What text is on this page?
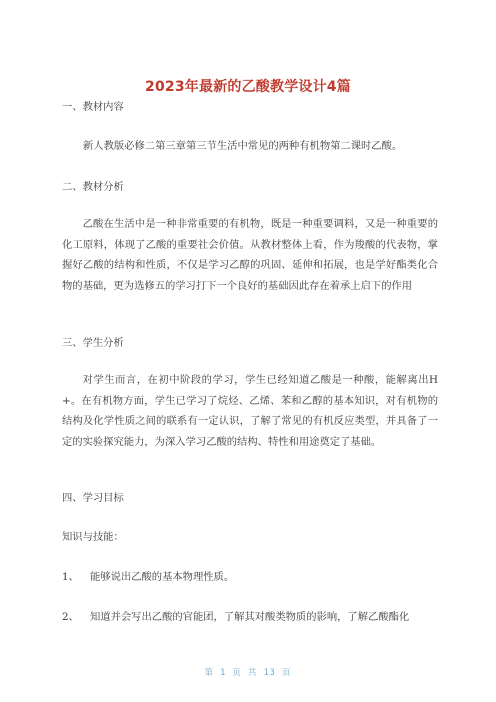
2023年最新的乙酸教学设计4篇
一、教材内容
新人教版必修二第三章第三节生活中常见的两种有机物第二课时乙酸。
二、教材分析
乙酸在生活中是一种非常重要的有机物，既是一种重要调料，又是一种重要的化工原料，体现了乙酸的重要社会价值。从教材整体上看，作为羧酸的代表物，掌握好乙酸的结构和性质，不仅是学习乙醇的巩固、延伸和拓展，也是学好酯类化合物的基础，更为选修五的学习打下一个良好的基础因此存在着承上启下的作用
三、学生分析
对学生而言，在初中阶段的学习，学生已经知道乙酸是一种酸，能解离出H+。在有机物方面，学生已学习了烷烃、乙烯、苯和乙醇的基本知识，对有机物的结构及化学性质之间的联系有一定认识，了解了常见的有机反应类型，并具备了一定的实验探究能力，为深入学习乙酸的结构、特性和用途奠定了基础。
四、学习目标
知识与技能：
1、 能够说出乙酸的基本物理性质。
2、 知道并会写出乙酸的官能团，了解其对酸类物质的影响，了解乙酸酯化
第 1 页 共 13 页
